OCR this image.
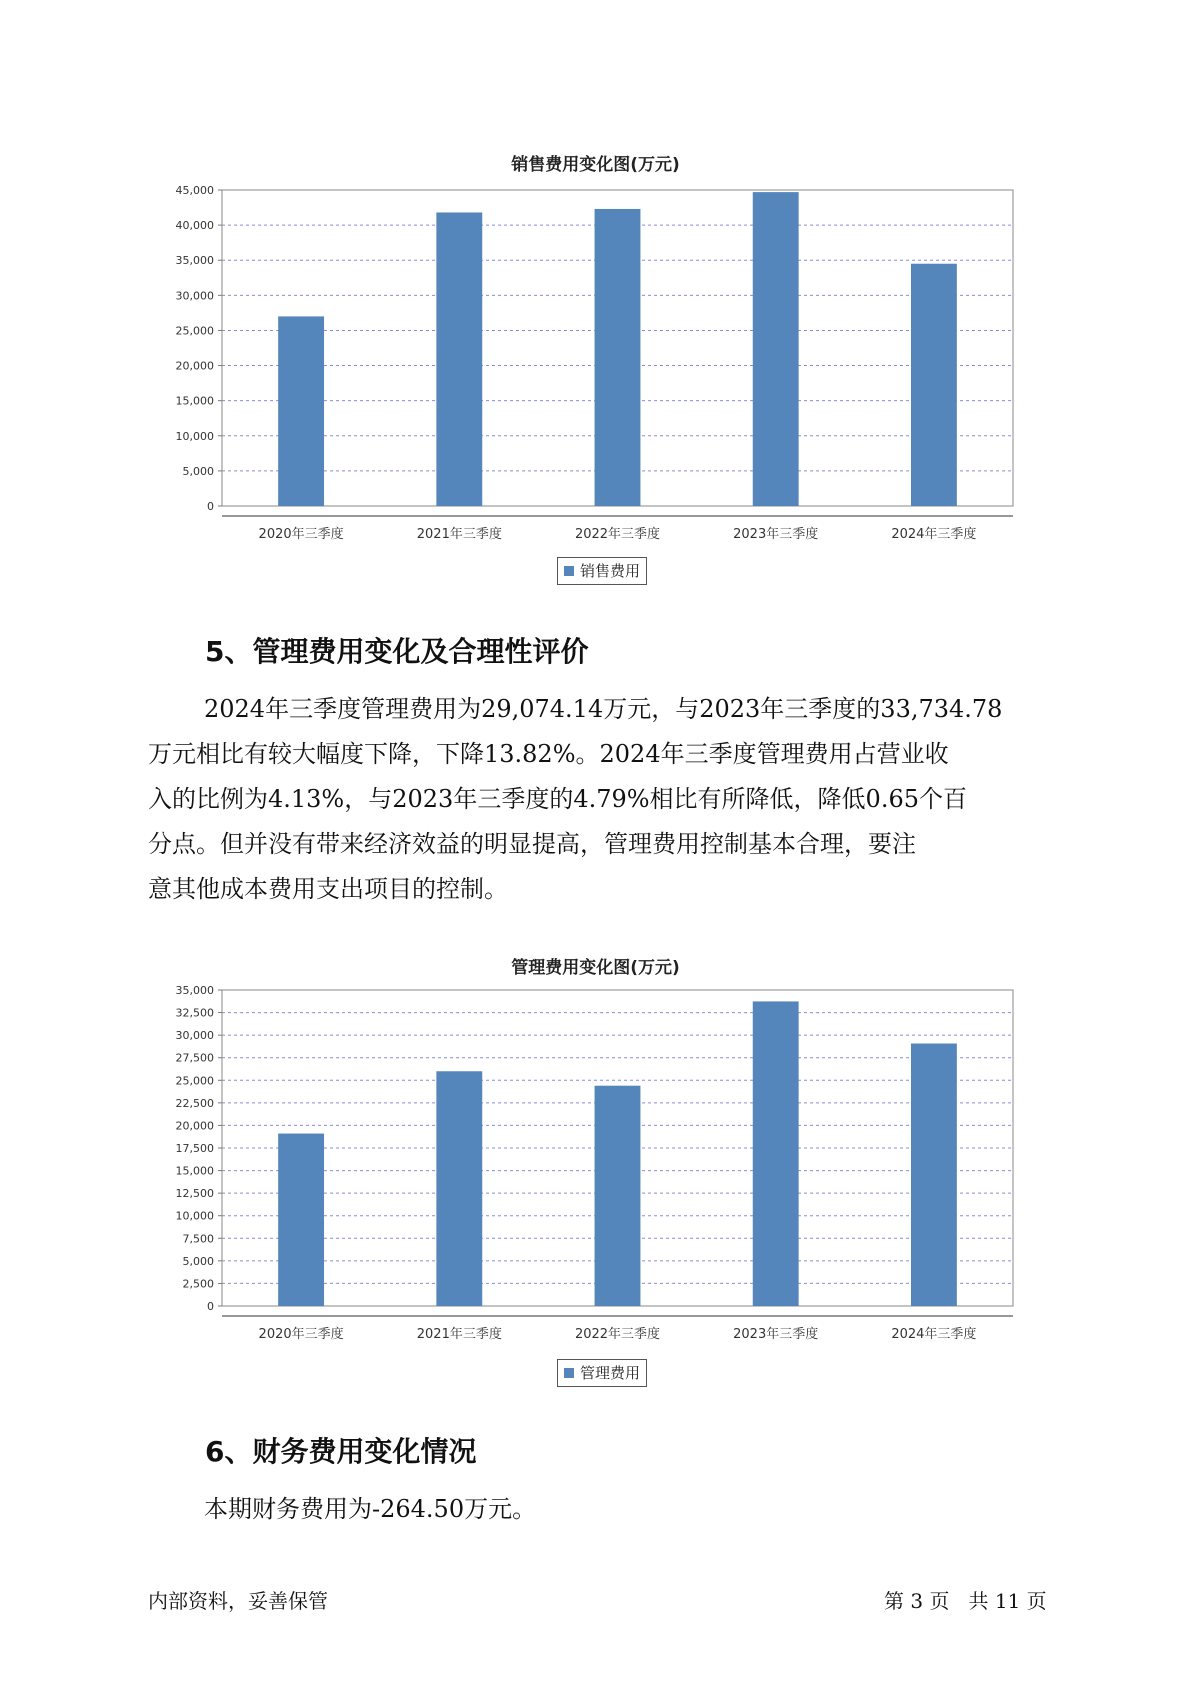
销售费用变化图(万元)
0
5,000
10,000
15,000
20,000
25,000
30,000
35,000
40,000
45,000
2020年三季度	2021年三季度	2022年三季度	2023年三季度	2024年三季度
销售费用
5、管理费用变化及合理性评价
2024年三季度管理费用为29,074.14万元，与2023年三季度的33,734.78
万元相比有较大幅度下降，下降13.82%。2024年三季度管理费用占营业收
入的比例为4.13%，与2023年三季度的4.79%相比有所降低，降低0.65个百
分点。但并没有带来经济效益的明显提高，管理费用控制基本合理，要注
意其他成本费用支出项目的控制。
管理费用变化图(万元)
0
2,500
5,000
7,500
10,000
12,500
15,000
17,500
20,000
22,500
25,000
27,500
30,000
32,500
35,000
2020年三季度	2021年三季度	2022年三季度	2023年三季度	2024年三季度
管理费用
6、财务费用变化情况
本期财务费用为-264.50万元。
内部资料，妥善保管	第 3 页   共 11 页
